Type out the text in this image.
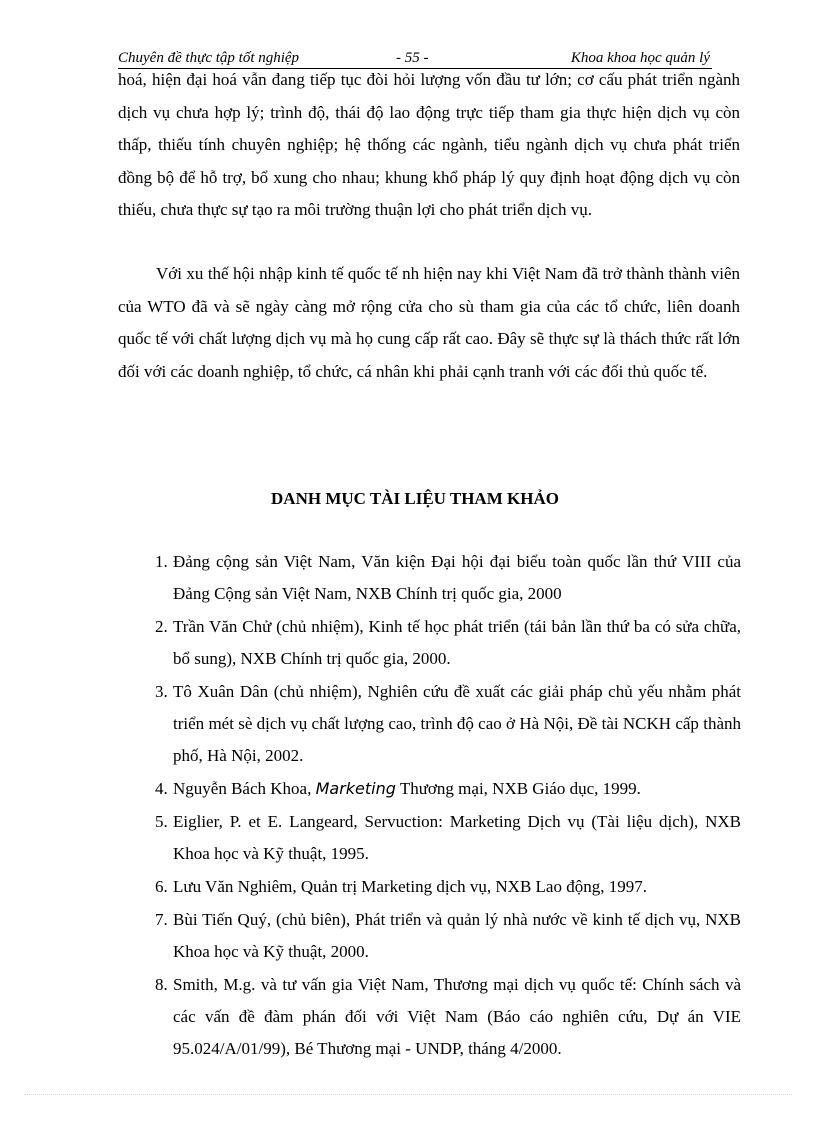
Chuyên đề thực tập tốt nghiệp	- 55 -	Khoa khoa học quản lý

hoá, hiện đại hoá vẫn đang tiếp tục đòi hỏi lượng vốn đầu tư lớn; cơ cấu phát triển ngành dịch vụ chưa hợp lý; trình độ, thái độ lao động trực tiếp tham gia thực hiện dịch vụ còn thấp, thiếu tính chuyên nghiệp; hệ thống các ngành, tiểu ngành dịch vụ chưa phát triển đồng bộ để hỗ trợ, bổ xung cho nhau; khung khổ pháp lý quy định hoạt động dịch vụ còn thiếu, chưa thực sự tạo ra môi trường thuận lợi cho phát triển dịch vụ.

Với xu thế hội nhập kinh tế quốc tế nh hiện nay khi Việt Nam đã trở thành thành viên của WTO đã và sẽ ngày càng mở rộng cửa cho sù tham gia của các tổ chức, liên doanh quốc tế với chất lượng dịch vụ mà họ cung cấp rất cao. Đây sẽ thực sự là thách thức rất lớn đối với các doanh nghiệp, tổ chức, cá nhân khi phải cạnh tranh với các đối thủ quốc tế.

DANH MỤC TÀI LIỆU THAM KHẢO
1. Đảng cộng sản Việt Nam, Văn kiện Đại hội đại biểu toàn quốc lần thứ VIII của Đảng Cộng sản Việt Nam, NXB Chính trị quốc gia, 2000
2. Trần Văn Chử (chủ nhiệm), Kinh tế học phát triển (tái bản lần thứ ba có sửa chữa, bổ sung), NXB Chính trị quốc gia, 2000.
3. Tô Xuân Dân (chủ nhiệm), Nghiên cứu đề xuất các giải pháp chủ yếu nhằm phát triển mét sè dịch vụ chất lượng cao, trình độ cao ở Hà Nội, Đề tài NCKH cấp thành phố, Hà Nội, 2002.
4. Nguyễn Bách Khoa, Marketing Thương mại, NXB Giáo dục, 1999.
5. Eiglier, P. et E. Langeard, Servuction: Marketing Dịch vụ (Tài liệu dịch), NXB Khoa học và Kỹ thuật, 1995.
6. Lưu Văn Nghiêm, Quản trị Marketing dịch vụ, NXB Lao động, 1997.
7. Bùi Tiến Quý, (chủ biên), Phát triển và quản lý nhà nước về kinh tế dịch vụ, NXB Khoa học và Kỹ thuật, 2000.
8. Smith, M.g. và tư vấn gia Việt Nam, Thương mại dịch vụ quốc tế: Chính sách và các vấn đề đàm phán đối với Việt Nam (Báo cáo nghiên cứu, Dự án VIE 95.024/A/01/99), Bé Thương mại - UNDP, tháng 4/2000.
